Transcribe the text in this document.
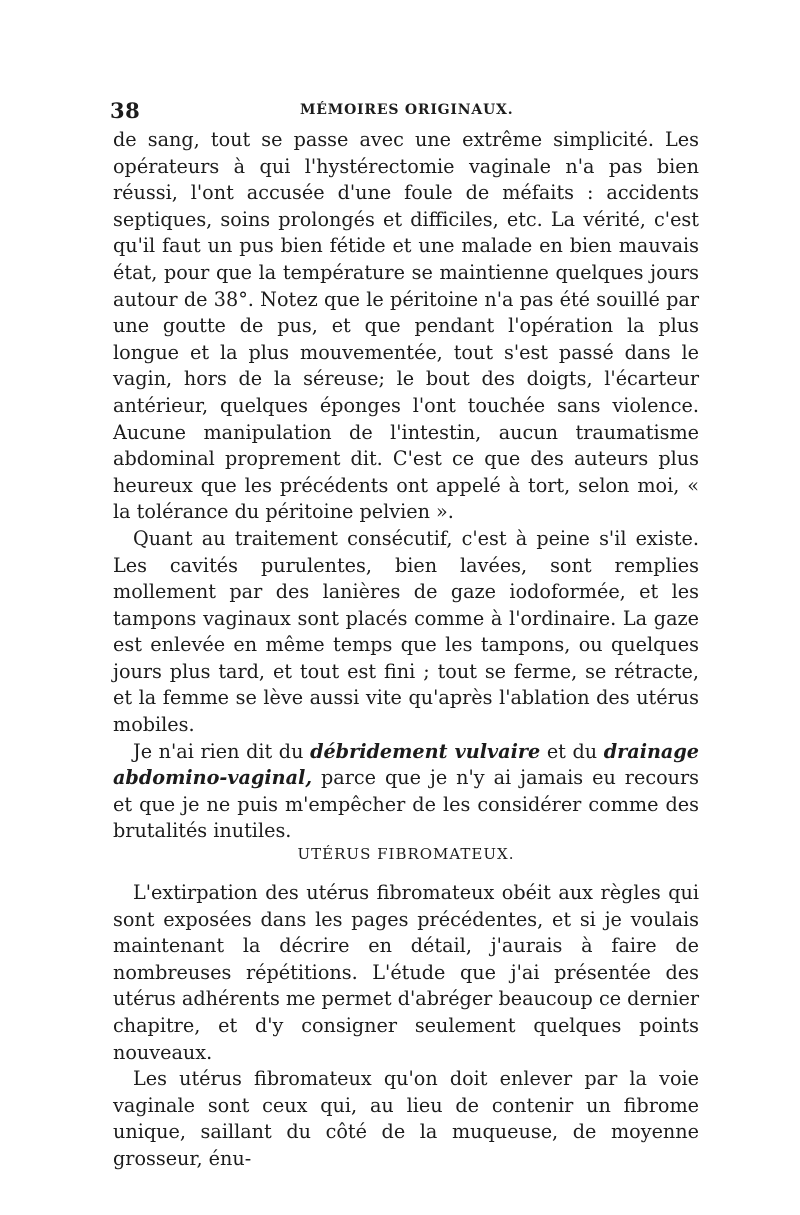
38	MÉMOIRES ORIGINAUX.

de sang, tout se passe avec une extrême simplicité. Les opérateurs à qui l'hystérectomie vaginale n'a pas bien réussi, l'ont accusée d'une foule de méfaits : accidents septiques, soins prolongés et difficiles, etc. La vérité, c'est qu'il faut un pus bien fétide et une malade en bien mauvais état, pour que la température se maintienne quelques jours autour de 38°. Notez que le péritoine n'a pas été souillé par une goutte de pus, et que pendant l'opération la plus longue et la plus mouvementée, tout s'est passé dans le vagin, hors de la séreuse; le bout des doigts, l'écarteur antérieur, quelques éponges l'ont touchée sans violence. Aucune manipulation de l'intestin, aucun traumatisme abdominal proprement dit. C'est ce que des auteurs plus heureux que les précédents ont appelé à tort, selon moi, « la tolérance du péritoine pelvien ».

Quant au traitement consécutif, c'est à peine s'il existe. Les cavités purulentes, bien lavées, sont remplies mollement par des lanières de gaze iodoformée, et les tampons vaginaux sont placés comme à l'ordinaire. La gaze est enlevée en même temps que les tampons, ou quelques jours plus tard, et tout est fini ; tout se ferme, se rétracte, et la femme se lève aussi vite qu'après l'ablation des utérus mobiles.

Je n'ai rien dit du débridement vulvaire et du drainage abdomino-vaginal, parce que je n'y ai jamais eu recours et que je ne puis m'empêcher de les considérer comme des brutalités inutiles.

UTÉRUS FIBROMATEUX.

L'extirpation des utérus fibromateux obéit aux règles qui sont exposées dans les pages précédentes, et si je voulais maintenant la décrire en détail, j'aurais à faire de nombreuses répétitions. L'étude que j'ai présentée des utérus adhérents me permet d'abréger beaucoup ce dernier chapitre, et d'y consigner seulement quelques points nouveaux.

Les utérus fibromateux qu'on doit enlever par la voie vaginale sont ceux qui, au lieu de contenir un fibrome unique, saillant du côté de la muqueuse, de moyenne grosseur, énu-
